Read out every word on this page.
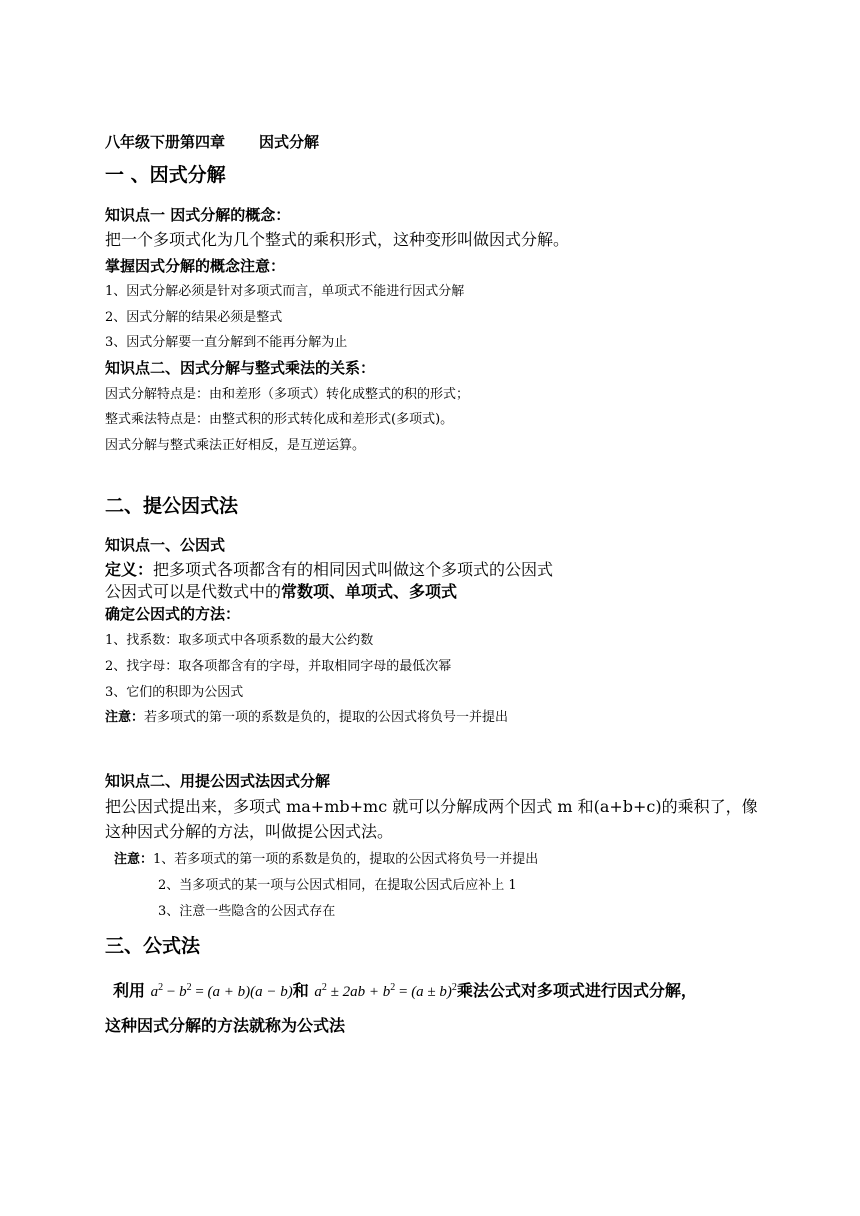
八年级下册第四章 因式分解
一 、因式分解
知识点一 因式分解的概念：
把一个多项式化为几个整式的乘积形式，这种变形叫做因式分解。
掌握因式分解的概念注意：
1、因式分解必须是针对多项式而言，单项式不能进行因式分解
2、因式分解的结果必须是整式
3、因式分解要一直分解到不能再分解为止
知识点二、因式分解与整式乘法的关系：
因式分解特点是：由和差形（多项式）转化成整式的积的形式；
整式乘法特点是：由整式积的形式转化成和差形式(多项式)。
因式分解与整式乘法正好相反，是互逆运算。
二、提公因式法
知识点一、公因式
定义：把多项式各项都含有的相同因式叫做这个多项式的公因式
公因式可以是代数式中的常数项、单项式、多项式
确定公因式的方法：
1、找系数：取多项式中各项系数的最大公约数
2、找字母：取各项都含有的字母，并取相同字母的最低次幂
3、它们的积即为公因式
注意：若多项式的第一项的系数是负的，提取的公因式将负号一并提出
知识点二、用提公因式法因式分解
把公因式提出来，多项式 ma+mb+mc 就可以分解成两个因式 m 和(a+b+c)的乘积了，像
这种因式分解的方法，叫做提公因式法。
注意：1、若多项式的第一项的系数是负的，提取的公因式将负号一并提出
2、当多项式的某一项与公因式相同，在提取公因式后应补上 1
3、注意一些隐含的公因式存在
三、公式法
利用 $a^2 - b^2 = (a + b)(a - b)$和 $a^2 \pm 2ab + b^2 = (a \pm b)^2$乘法公式对多项式进行因式分解，
这种因式分解的方法就称为公式法
